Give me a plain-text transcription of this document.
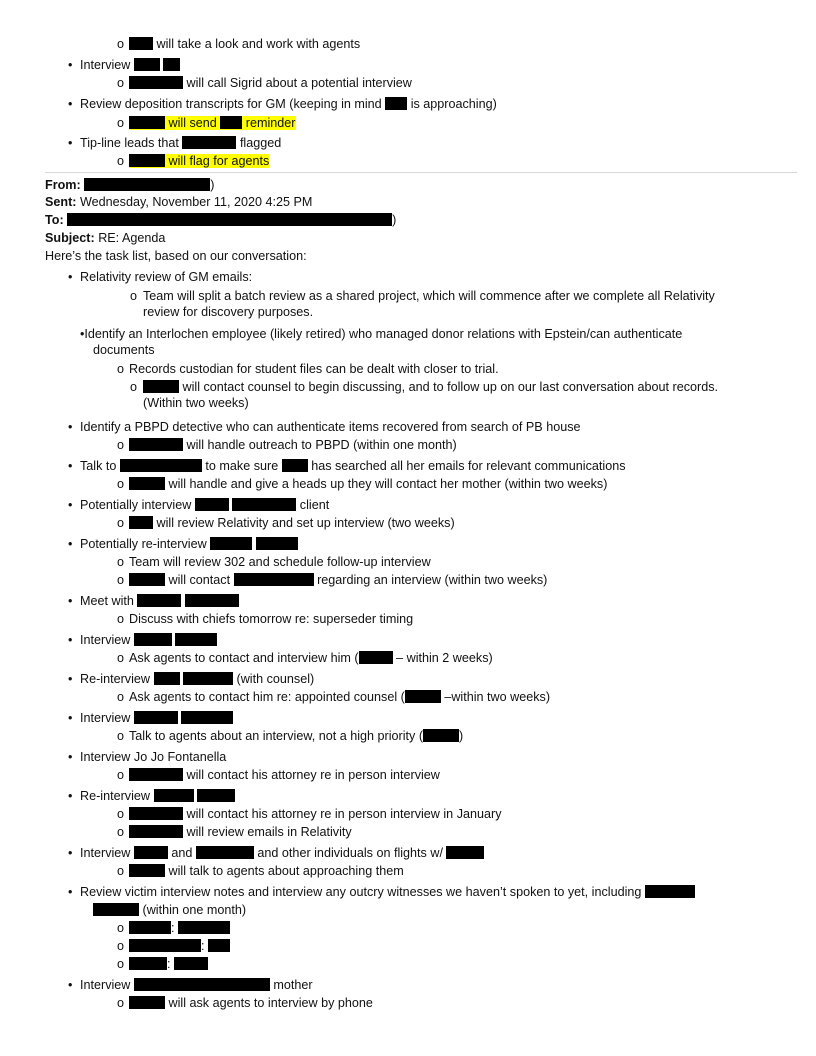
o	will take a look and work with agents
• Interview
o	will call Sigrid about a potential interview
• Review deposition transcripts for GM (keeping in mind is approaching)
o	will send reminder
• Tip-line leads that	flagged
o	will flag for agents
From:	)
Sent: Wednesday, November 11, 2020 4:25 PM
To:	)
Subject: RE: Agenda
Here’s the task list, based on our conversation:
• Relativity review of GM emails:
o Team will split a batch review as a shared project, which will commence after we complete all Relativity review for discovery purposes.
•Identify an Interlochen employee (likely retired) who managed donor relations with Epstein/can authenticate documents
o Records custodian for student files can be dealt with closer to trial.
o	will contact counsel to begin discussing, and to follow up on our last conversation about records. (Within two weeks)
• Identify a PBPD detective who can authenticate items recovered from search of PB house
o	will handle outreach to PBPD (within one month)
• Talk to	to make sure	has searched all her emails for relevant communications
o	will handle and give a heads up they will contact her mother (within two weeks)
• Potentially interview	client
o	will review Relativity and set up interview (two weeks)
• Potentially re-interview
o Team will review 302 and schedule follow-up interview
o	will contact	regarding an interview (within two weeks)
• Meet with
o Discuss with chiefs tomorrow re: superseder timing
• Interview
o Ask agents to contact and interview him (	– within 2 weeks)
• Re-interview	(with counsel)
o Ask agents to contact him re: appointed counsel (	–within two weeks)
• Interview
o Talk to agents about an interview, not a high priority (	)
• Interview Jo Jo Fontanella
o	will contact his attorney re in person interview
• Re-interview
o	will contact his attorney re in person interview in January
o	will review emails in Relativity
• Interview	and	and other individuals on flights w/
o	will talk to agents about approaching them
• Review victim interview notes and interview any outcry witnesses we haven’t spoken to yet, including
(within one month)
o	:
o	:
o	:
• Interview	mother
o	will ask agents to interview by phone
